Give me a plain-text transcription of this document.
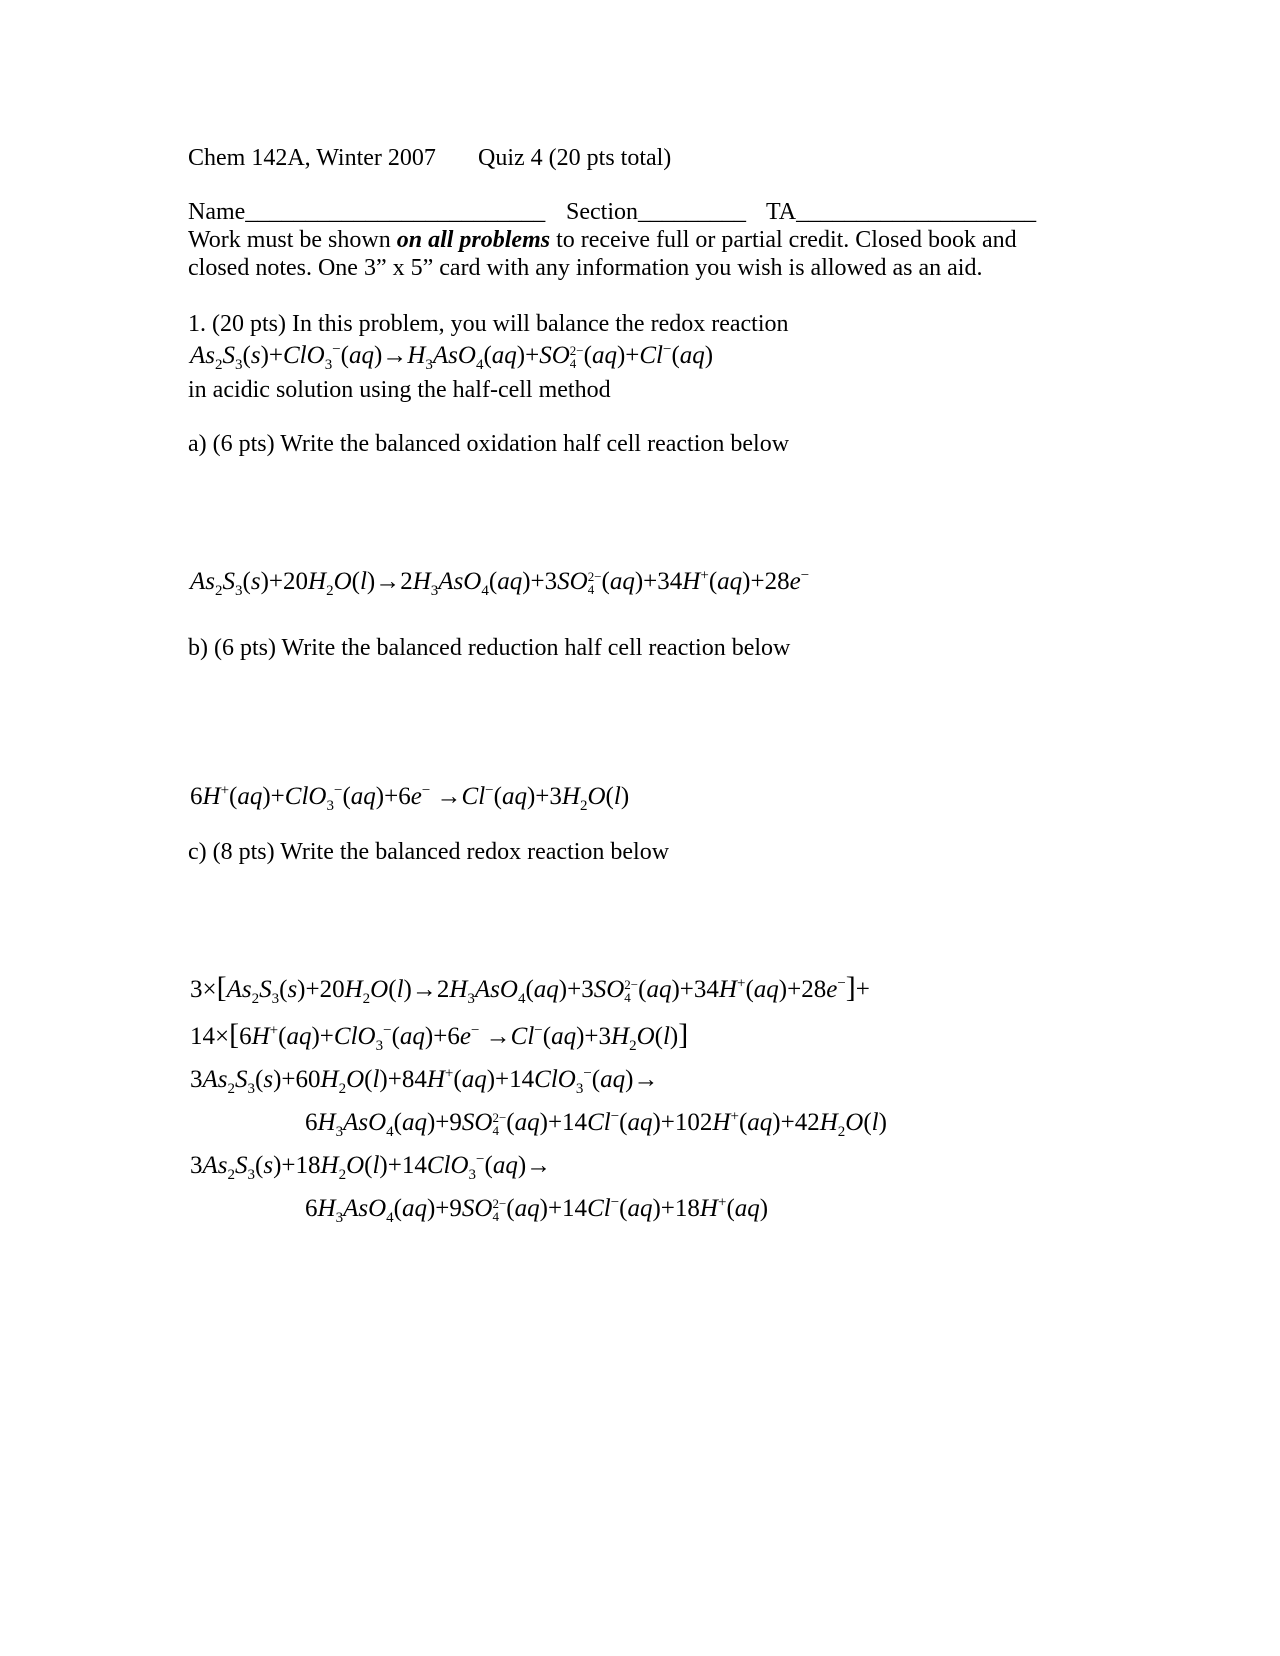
Chem 142A, Winter 2007 Quiz 4 (20 pts total)
Name_________________________ Section_________ TA____________________
Work must be shown on all problems to receive full or partial credit. Closed book and
closed notes. One 3” x 5” card with any information you wish is allowed as an aid.
1. (20 pts) In this problem, you will balance the redox reaction
$As_2S_3(s)+ClO_3^-(aq)\to H_3AsO_4(aq)+SO$ 2−
4 (aq)+Cl−(aq)
in acidic solution using the half-cell method
a) (6 pts) Write the balanced oxidation half cell reaction below
$As_2S_3(s)+20H_2O(l)\to 2H_3AsO_4(aq)+3SO$ 2−
4 (aq)+34H+(aq)+28e−
b) (6 pts) Write the balanced reduction half cell reaction below
$6H^+(aq)+ClO_3^-(aq)+6e^- \to Cl^-(aq)+3H_2O(l)$
c) (8 pts) Write the balanced redox reaction below
$3\times[As_2S_3(s)+20H_2O(l)\to 2H_3AsO_4(aq)+3SO$ 2−
4 (aq)+34H+(aq)+28e−]+
$14\times[6H^+(aq)+ClO_3^-(aq)+6e^- \to Cl^-(aq)+3H_2O(l)]$
$3As_2S_3(s)+60H_2O(l)+84H^+(aq)+14ClO_3^-(aq)\to$
$6H_3AsO_4(aq)+9SO$ 2−
4 $(aq)+14Cl^-(aq)+102H^+(aq)+42H_2O(l)$
$3As_2S_3(s)+18H_2O(l)+14ClO_3^-(aq)\to$
$6H_3AsO_4(aq)+9SO$ 2−
4 (aq)+14Cl−(aq)+18H+(aq)
